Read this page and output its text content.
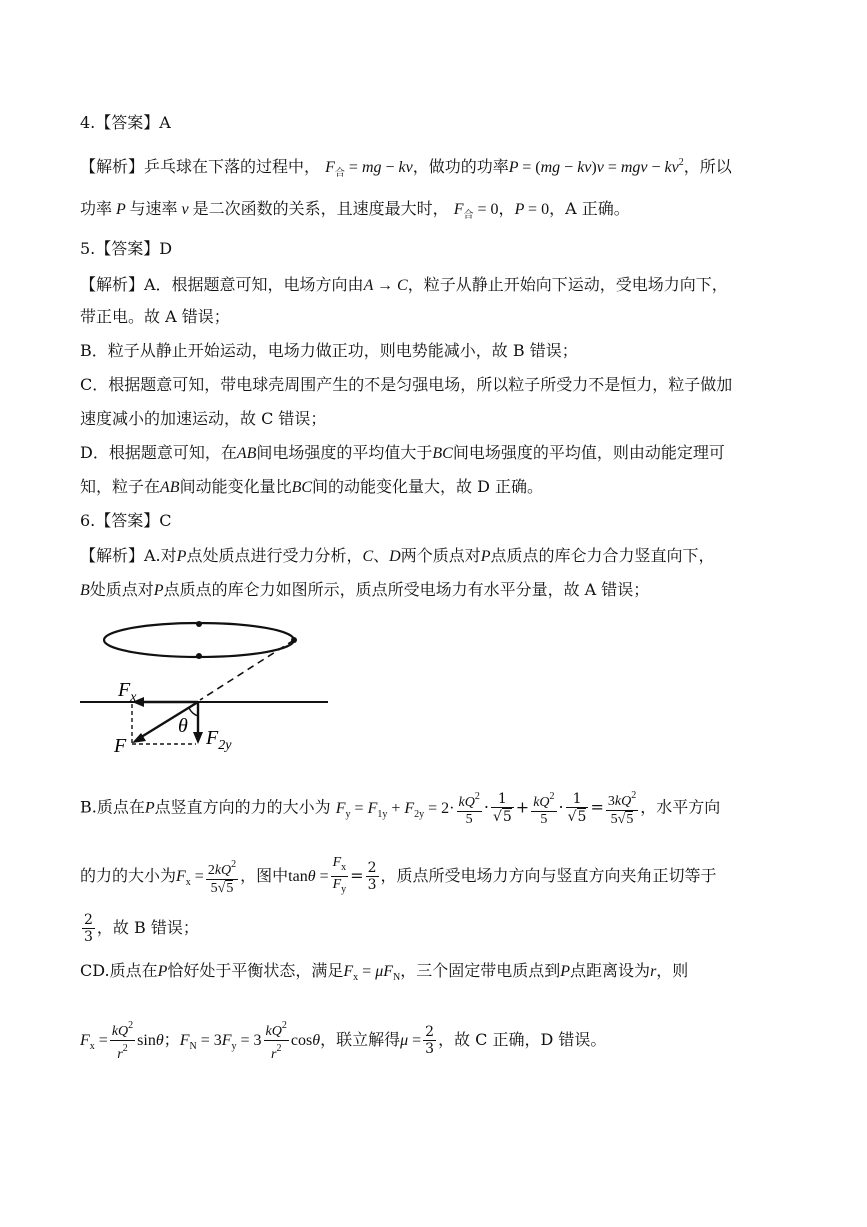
4.【答案】A
【解析】乒乓球在下落的过程中， $F_合$ = mg − kv，做功的功率P = (mg − kv)v = mgv − $kv^2$，所以
功率 P 与速率 v 是二次函数的关系，且速度最大时， $F_合 = 0$，P = 0，A 正确。
5.【答案】D
【解析】A．根据题意可知，电场方向由A → C，粒子从静止开始向下运动，受电场力向下，
带正电。故 A 错误；
B．粒子从静止开始运动，电场力做正功，则电势能减小，故 B 错误；
C．根据题意可知，带电球壳周围产生的不是匀强电场，所以粒子所受力不是恒力，粒子做加
速度减小的加速运动，故 C 错误；
D．根据题意可知，在AB间电场强度的平均值大于BC间电场强度的平均值，则由动能定理可
知，粒子在AB间动能变化量比BC间的动能变化量大，故 D 正确。
6.【答案】C
【解析】A.对P点处质点进行受力分析，C、D两个质点对P点质点的库仑力合力竖直向下，
B处质点对P点质点的库仑力如图所示，质点所受电场力有水平分量，故 A 错误；
$F_x$
F
θ
$F_{2y}$
B.质点在P点竖直方向的力的大小为 $F_y = F_{1y} + F_{2y} = 2\cdot \frac{kQ^2}{5} \cdot \frac{1}{√5} + \frac{kQ^2}{5} \cdot \frac{1}{√5} = \frac{3kQ^2}{5√5}$ ，水平方向
的力的大小为$F_x = \frac{2kQ^2}{5√5}$ ，图中$\tan\theta = \frac{F_x}{F_y} = \frac{2}{3}$ ，质点所受电场力方向与竖直方向夹角正切等于
$\frac{2}{3}$ ，故 B 错误；
CD.质点在P恰好处于平衡状态，满足$F_x = \mu F_N$，三个固定带电质点到P点距离设为r，则
$F_x = \frac{kQ^2}{r^2}$ sinθ；$F_N = 3F_y = 3 \frac{kQ^2}{r^2}$ cosθ，联立解得$\mu = \frac{2}{3}$ ，故 C 正确，D 错误。
